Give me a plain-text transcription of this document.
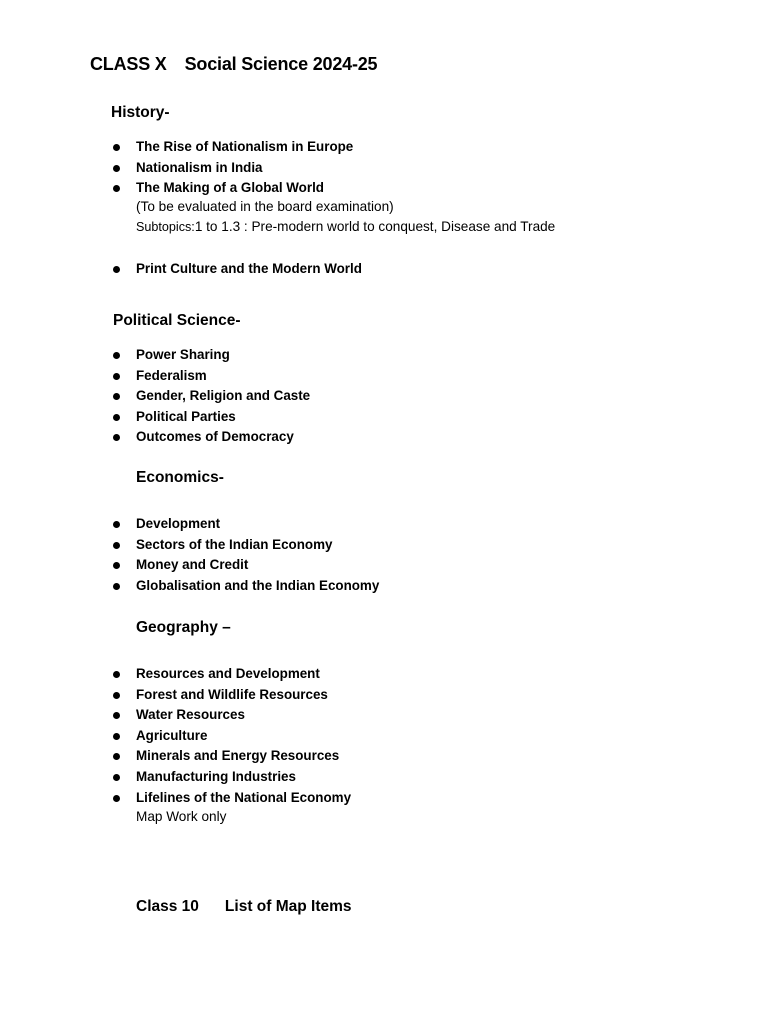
CLASS X Social Science 2024-25
History-
The Rise of Nationalism in Europe
Nationalism in India
The Making of a Global World
(To be evaluated in the board examination)
Subtopics:1 to 1.3 : Pre-modern world to conquest, Disease and Trade
Print Culture and the Modern World
Political Science-
Power Sharing
Federalism
Gender, Religion and Caste
Political Parties
Outcomes of Democracy
Economics-
Development
Sectors of the Indian Economy
Money and Credit
Globalisation and the Indian Economy
Geography –
Resources and Development
Forest and Wildlife Resources
Water Resources
Agriculture
Minerals and Energy Resources
Manufacturing Industries
Lifelines of the National Economy
Map Work only
Class 10 List of Map Items
